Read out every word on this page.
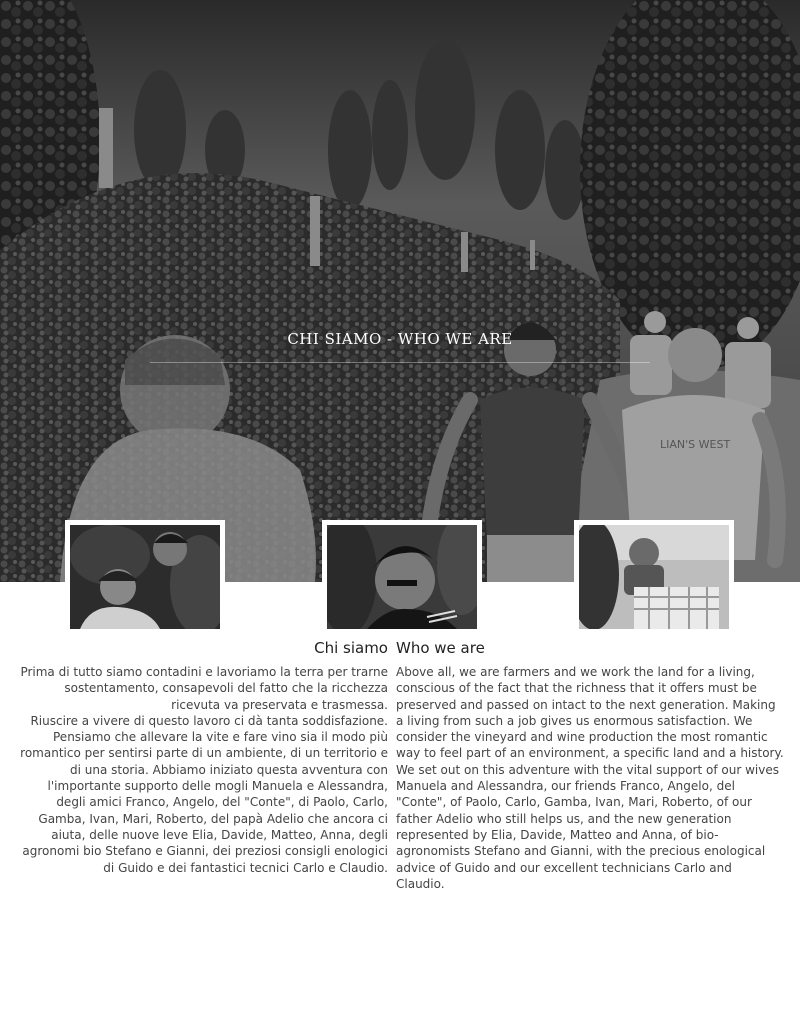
LIAN'S WEST
CHI SIAMO - WHO WE ARE
Chi siamo Who we are

Prima di tutto siamo contadini e lavoriamo la terra per trarne sostentamento, consapevoli del fatto che la ricchezza ricevuta va preservata e trasmessa.

Riuscire a vivere di questo lavoro ci dà tanta soddisfazione. Pensiamo che allevare la vite e fare vino sia il modo più romantico per sentirsi parte di un ambiente, di un territorio e di una storia. Abbiamo iniziato questa avventura con l'importante supporto delle mogli Manuela e Alessandra, degli amici Franco, Angelo, del "Conte", di Paolo, Carlo, Gamba, Ivan, Mari, Roberto, del papà Adelio che ancora ci aiuta, delle nuove leve Elia, Davide, Matteo, Anna, degli agronomi bio Stefano e Gianni, dei preziosi consigli enologici di Guido e dei fantastici tecnici Carlo e Claudio.

Above all, we are farmers and we work the land for a living, conscious of the fact that the richness that it offers must be preserved and passed on intact to the next generation. Making a living from such a job gives us enormous satisfaction. We consider the vineyard and wine production the most romantic way to feel part of an environment, a specific land and a history. We set out on this adventure with the vital support of our wives Manuela and Alessandra, our friends Franco, Angelo, del "Conte", of Paolo, Carlo, Gamba, Ivan, Mari, Roberto, of our father Adelio who still helps us, and the new generation represented by Elia, Davide, Matteo and Anna, of bio-agronomists Stefano and Gianni, with the precious enological advice of Guido and our excellent technicians Carlo and Claudio.
